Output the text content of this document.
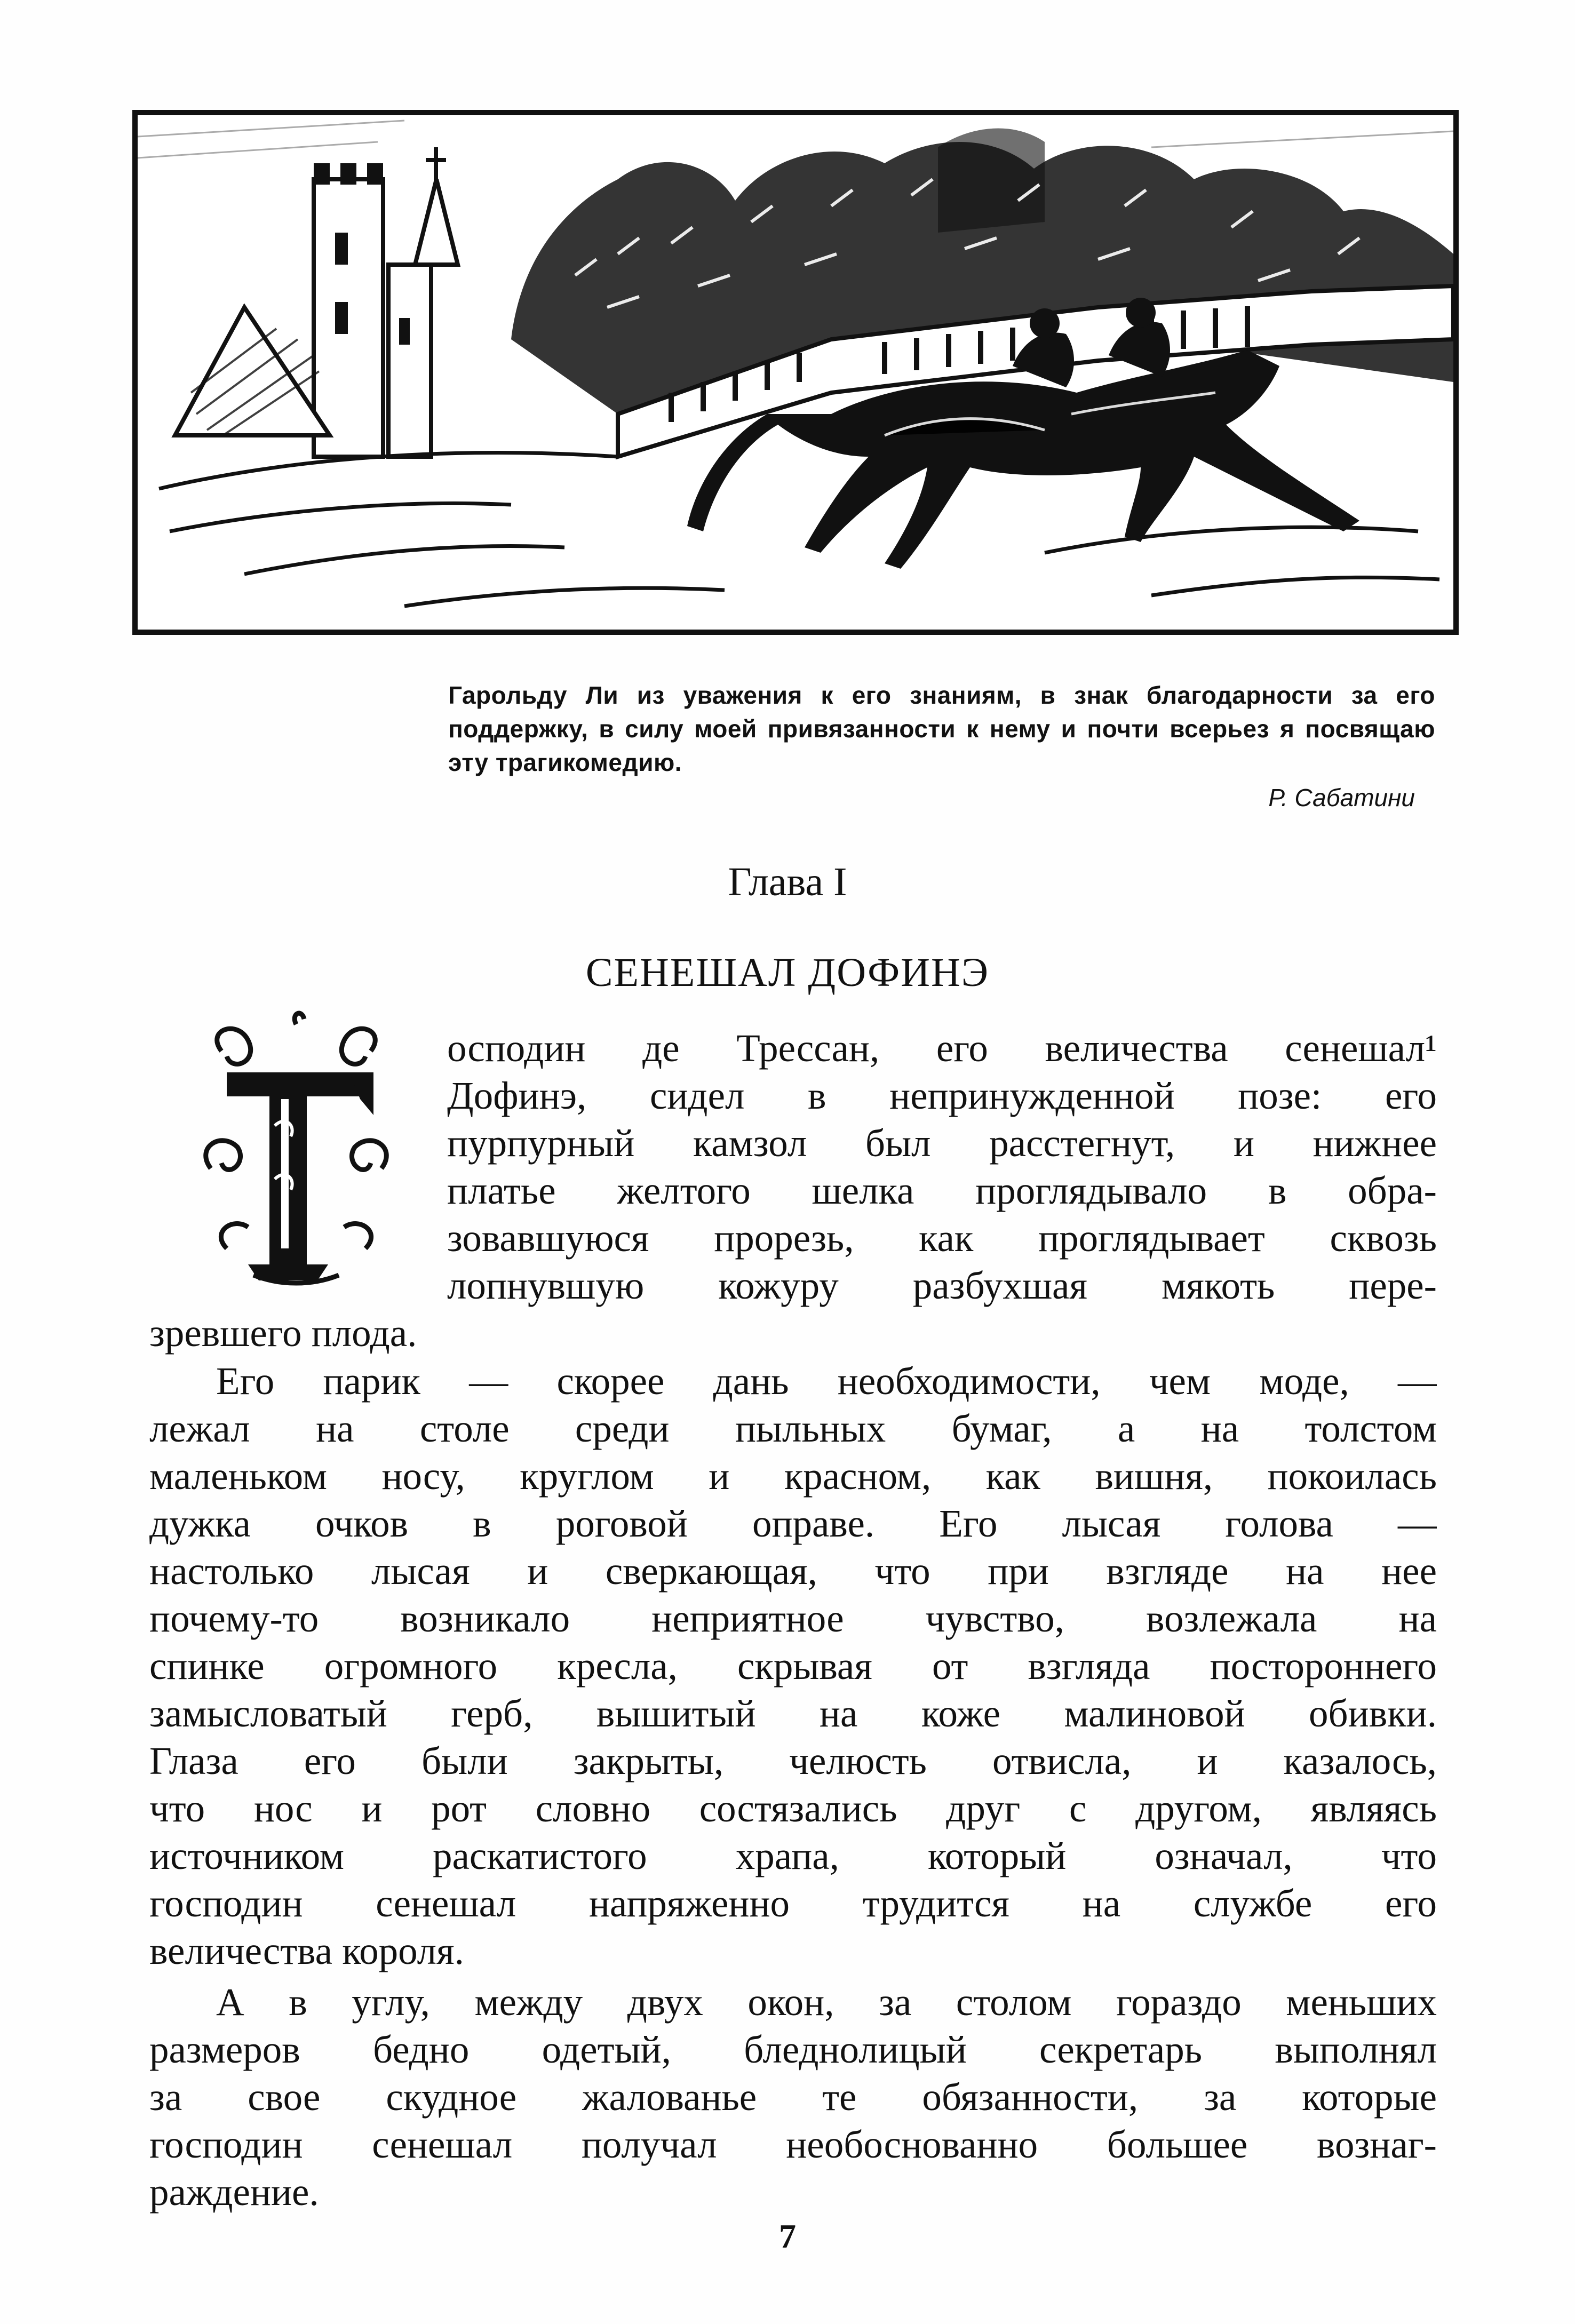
Гарольду Ли из уважения к его знаниям, в знак благодарности за его поддержку, в силу моей привязанности к нему и почти всерьез я посвящаю эту трагикомедию.
Р. Сабатини
Глава I
СЕНЕШАЛ ДОФИНЭ
осподин де Трессан, его величества сенешал¹
Дофинэ, сидел в непринужденной позе: его
пурпурный камзол был расстегнут, и нижнее
платье желтого шелка проглядывало в обра-
зовавшуюся прорезь, как проглядывает сквозь
лопнувшую кожуру разбухшая мякоть пере-
зревшего плода.
Его парик — скорее дань необходимости, чем моде, —
лежал на столе среди пыльных бумаг, а на толстом
маленьком носу, круглом и красном, как вишня, покоилась
дужка очков в роговой оправе. Его лысая голова —
настолько лысая и сверкающая, что при взгляде на нее
почему-то возникало неприятное чувство, возлежала на
спинке огромного кресла, скрывая от взгляда постороннего
замысловатый герб, вышитый на коже малиновой обивки.
Глаза его были закрыты, челюсть отвисла, и казалось,
что нос и рот словно состязались друг с другом, являясь
источником раскатистого храпа, который означал, что
господин сенешал напряженно трудится на службе его
величества короля.
А в углу, между двух окон, за столом гораздо меньших
размеров бедно одетый, бледнолицый секретарь выполнял
за свое скудное жалованье те обязанности, за которые
господин сенешал получал необоснованно большее вознаг-
раждение.
7
